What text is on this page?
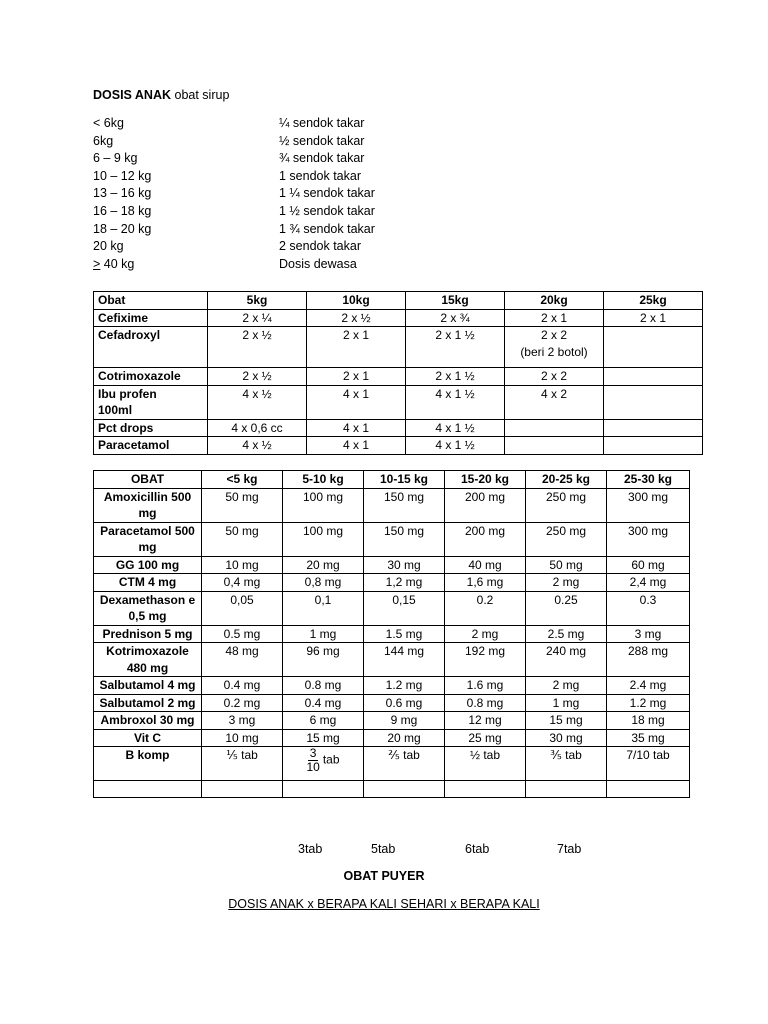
DOSIS ANAK obat sirup
< 6kg	¼ sendok takar
6kg	½ sendok takar
6 – 9 kg	¾ sendok takar
10 – 12 kg	1 sendok takar
13 – 16 kg	1 ¼ sendok takar
16 – 18 kg	1 ½ sendok takar
18 – 20 kg	1 ¾ sendok takar
20 kg	2 sendok takar
> 40 kg	Dosis dewasa
Obat	5kg	10kg	15kg	20kg	25kg
Cefixime	2 x ¼	2 x ½	2 x ¾	2 x 1	2 x 1
Cefadroxyl	2 x ½	2 x 1	2 x 1 ½	2 x 2
(beri 2 botol)	

Cotrimoxazole	2 x ½	2 x 1	2 x 1 ½	2 x 2	

Ibu profen
100ml	4 x ½	4 x 1	4 x 1 ½	4 x 2	
Pct drops	4 x 0,6 cc	4 x 1	4 x 1 ½		
Paracetamol	4 x ½	4 x 1	4 x 1 ½		
OBAT	<5 kg	5-10 kg	10-15 kg	15-20 kg	20-25 kg	25-30 kg
Amoxicillin 500 mg	50 mg	100 mg	150 mg	200 mg	250 mg	300 mg
Paracetamol 500 mg	50 mg	100 mg	150 mg	200 mg	250 mg	300 mg
GG 100 mg	10 mg	20 mg	30 mg	40 mg	50 mg	60 mg
CTM 4 mg	0,4 mg	0,8 mg	1,2 mg	1,6 mg	2 mg	2,4 mg
Dexamethason e 0,5 mg	0,05	0,1	0,15	0.2	0.25	0.3
Prednison 5 mg	0.5 mg	1 mg	1.5 mg	2 mg	2.5 mg	3 mg
Kotrimoxazole 480 mg	48 mg	96 mg	144 mg	192 mg	240 mg	288 mg
Salbutamol 4 mg	0.4 mg	0.8 mg	1.2 mg	1.6 mg	2 mg	2.4 mg
Salbutamol 2 mg	0.2 mg	0.4 mg	0.6 mg	0.8 mg	1 mg	1.2 mg
Ambroxol 30 mg	3 mg	6 mg	9 mg	12 mg	15 mg	18 mg
Vit C	10 mg	15 mg	20 mg	25 mg	30 mg	35 mg
B komp	⅕ tab	$\frac{3}{10}$ tab	⅖ tab	½ tab	⅗ tab	7/10 tab

3tab	5tab	6tab	7tab
OBAT PUYER
DOSIS ANAK x BERAPA KALI SEHARI x BERAPA KALI
